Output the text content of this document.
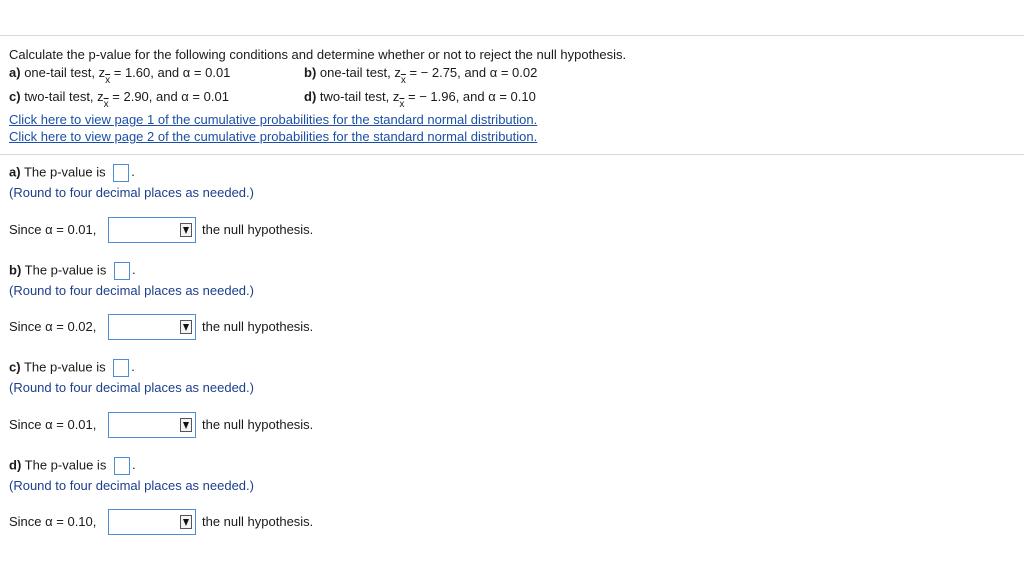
Calculate the p-value for the following conditions and determine whether or not to reject the null hypothesis.
a) one-tail test, $z_{\overline{x}} = 1.60$, and α = 0.01	b) one-tail test, $z_{\overline{x}}$ = − 2.75, and α = 0.02
c) two-tail test, $z_{\overline{x}} = 2.90$, and α = 0.01	d) two-tail test, $z_{\overline{x}}$ = − 1.96, and α = 0.10
Click here to view page 1 of the cumulative probabilities for the standard normal distribution.
Click here to view page 2 of the cumulative probabilities for the standard normal distribution.
a) The p-value is .
(Round to four decimal places as needed.)
Since α = 0.01,	the null hypothesis.
b) The p-value is .
(Round to four decimal places as needed.)
Since α = 0.02,	the null hypothesis.
c) The p-value is .
(Round to four decimal places as needed.)
Since α = 0.01,	the null hypothesis.
d) The p-value is .
(Round to four decimal places as needed.)
Since α = 0.10,	the null hypothesis.
